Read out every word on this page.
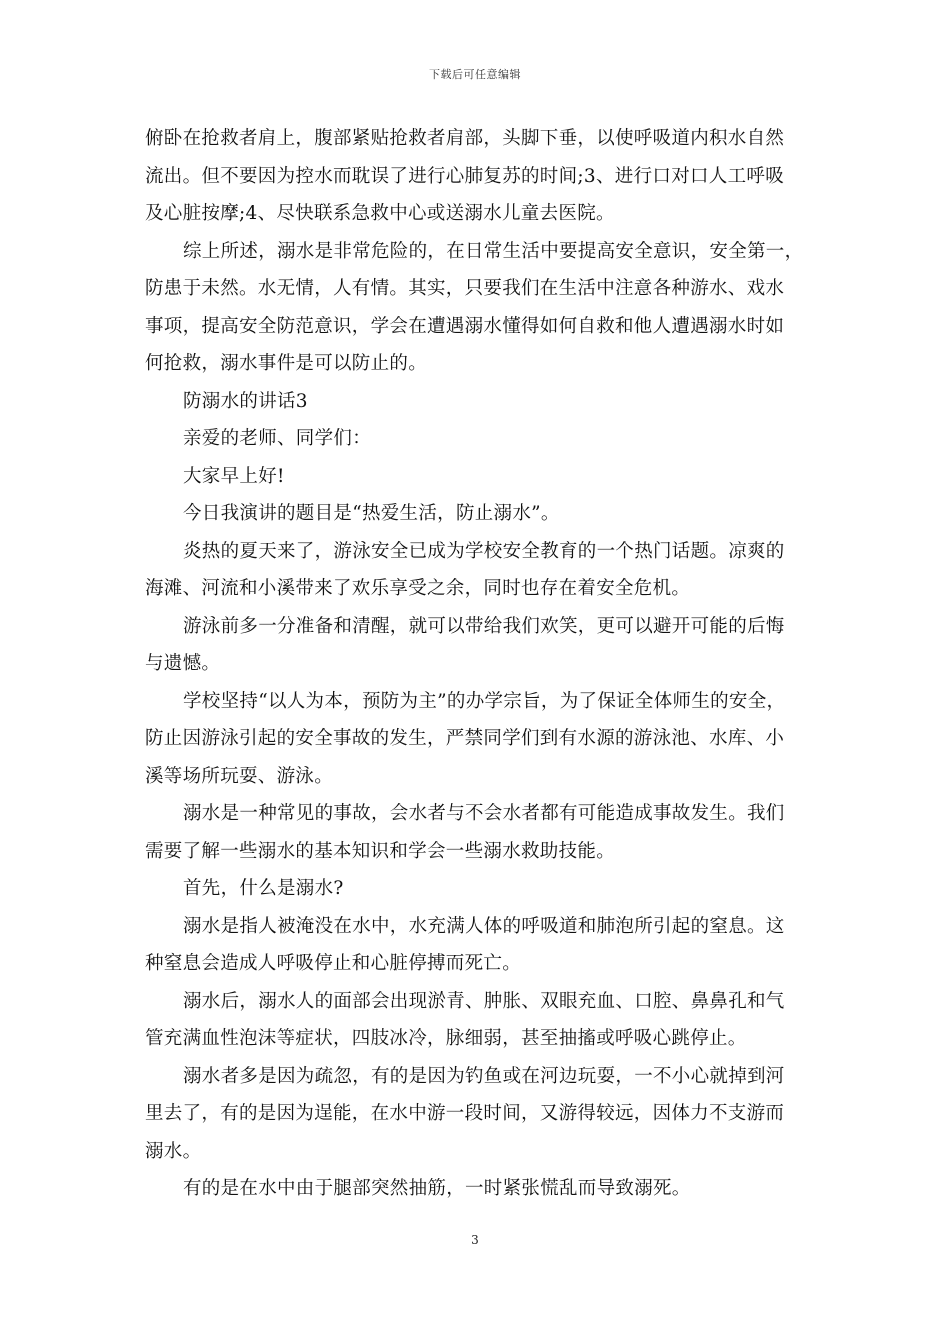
下载后可任意编辑
俯卧在抢救者肩上，腹部紧贴抢救者肩部，头脚下垂，以使呼吸道内积水自然
流出。但不要因为控水而耽误了进行心肺复苏的时间;3、进行口对口人工呼吸
及心脏按摩;4、尽快联系急救中心或送溺水儿童去医院。
综上所述，溺水是非常危险的，在日常生活中要提高安全意识，安全第一，
防患于未然。水无情，人有情。其实，只要我们在生活中注意各种游水、戏水
事项，提高安全防范意识，学会在遭遇溺水懂得如何自救和他人遭遇溺水时如
何抢救，溺水事件是可以防止的。
防溺水的讲话3
亲爱的老师、同学们：
大家早上好!
今日我演讲的题目是“热爱生活，防止溺水”。
炎热的夏天来了，游泳安全已成为学校安全教育的一个热门话题。凉爽的
海滩、河流和小溪带来了欢乐享受之余，同时也存在着安全危机。
游泳前多一分准备和清醒，就可以带给我们欢笑，更可以避开可能的后悔
与遗憾。
学校坚持“以人为本，预防为主”的办学宗旨，为了保证全体师生的安全，
防止因游泳引起的安全事故的发生，严禁同学们到有水源的游泳池、水库、小
溪等场所玩耍、游泳。
溺水是一种常见的事故，会水者与不会水者都有可能造成事故发生。我们
需要了解一些溺水的基本知识和学会一些溺水救助技能。
首先，什么是溺水?
溺水是指人被淹没在水中，水充满人体的呼吸道和肺泡所引起的窒息。这
种窒息会造成人呼吸停止和心脏停搏而死亡。
溺水后，溺水人的面部会出现淤青、肿胀、双眼充血、口腔、鼻鼻孔和气
管充满血性泡沫等症状，四肢冰冷，脉细弱，甚至抽搐或呼吸心跳停止。
溺水者多是因为疏忽，有的是因为钓鱼或在河边玩耍，一不小心就掉到河
里去了，有的是因为逞能，在水中游一段时间，又游得较远，因体力不支游而
溺水。
有的是在水中由于腿部突然抽筋，一时紧张慌乱而导致溺死。
3
